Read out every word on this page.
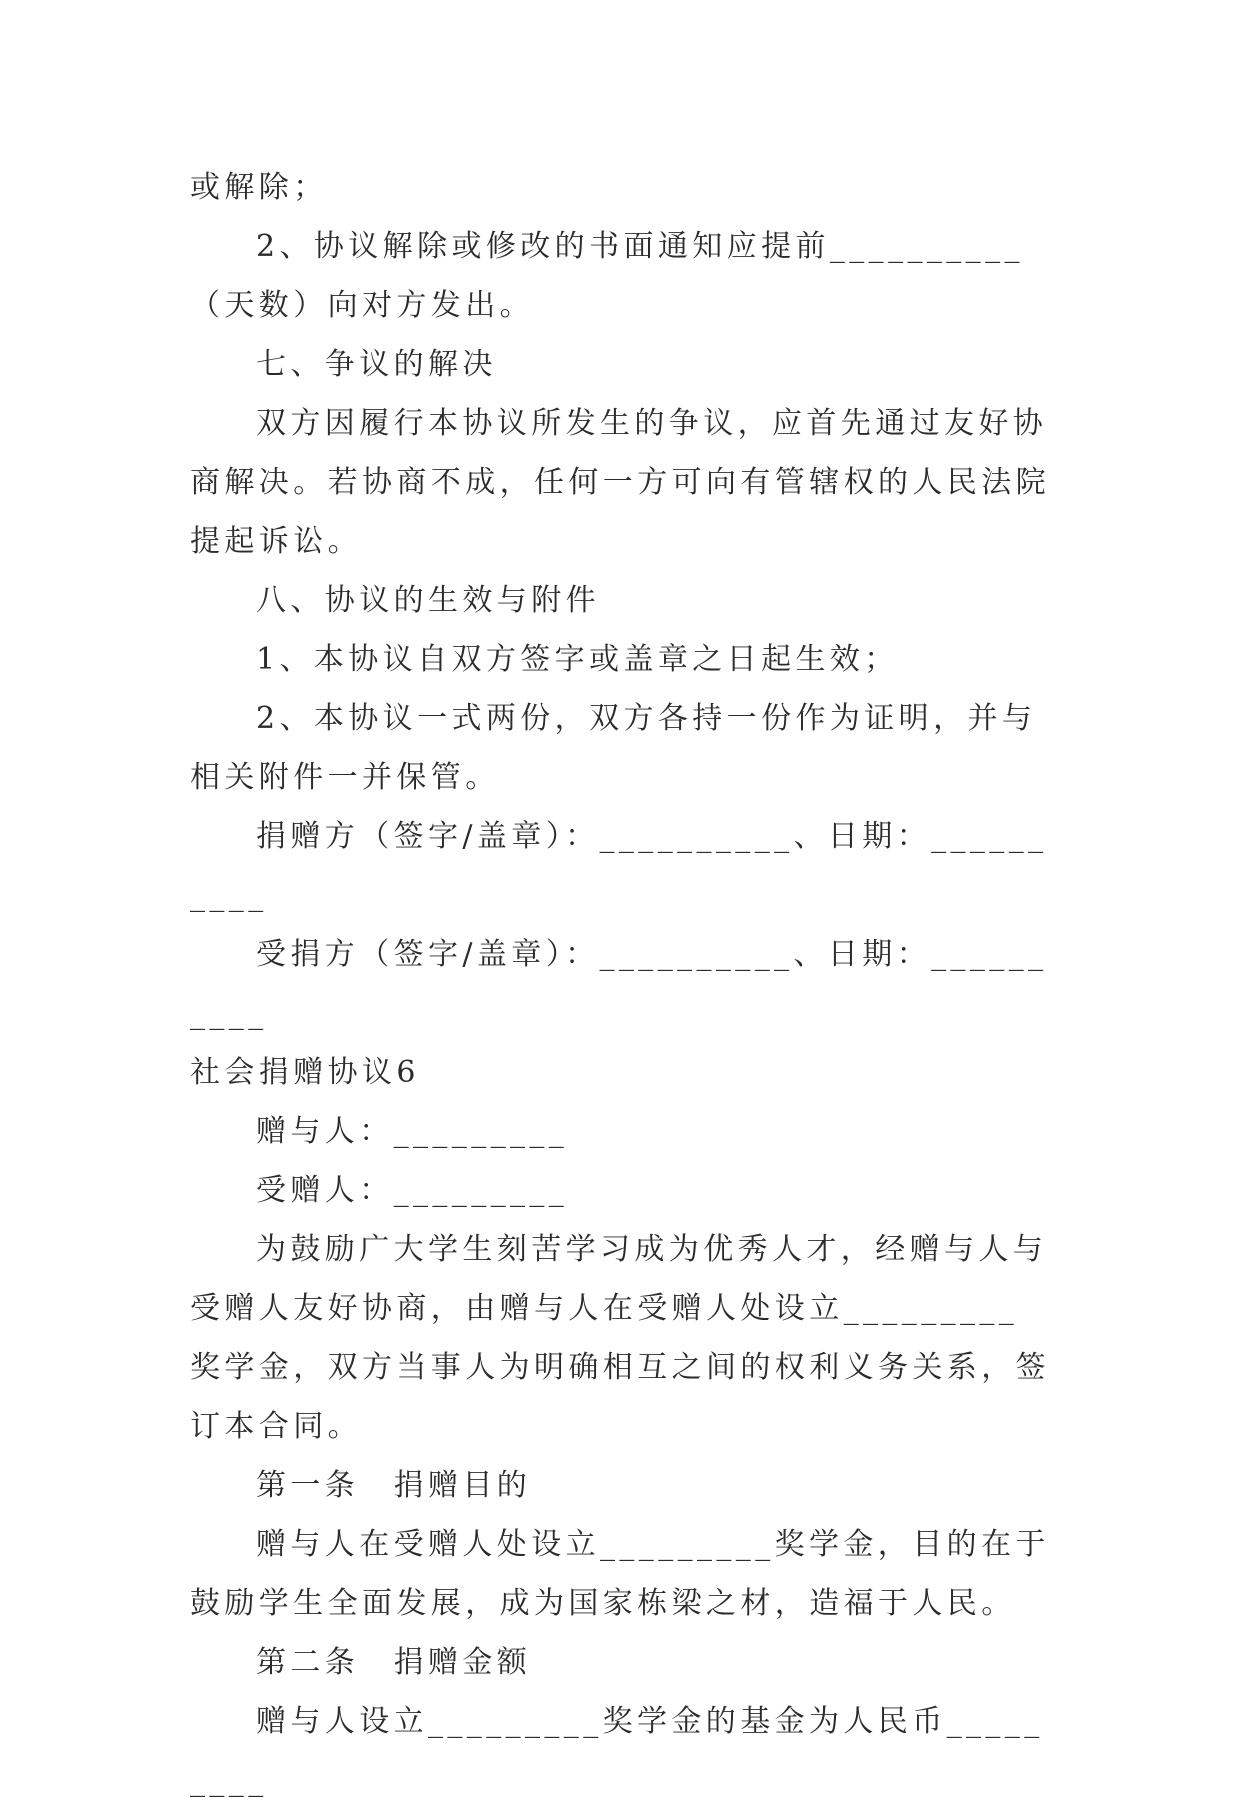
或解除；

2、协议解除或修改的书面通知应提前__________（天数）向对方发出。

七、争议的解决

双方因履行本协议所发生的争议，应首先通过友好协商解决。若协商不成，任何一方可向有管辖权的人民法院提起诉讼。

八、协议的生效与附件

1、本协议自双方签字或盖章之日起生效；

2、本协议一式两份，双方各持一份作为证明，并与相关附件一并保管。

捐赠方（签字/盖章）：__________、日期：__________

受捐方（签字/盖章）：__________、日期：__________

社会捐赠协议6

赠与人：_________

受赠人：_________

为鼓励广大学生刻苦学习成为优秀人才，经赠与人与受赠人友好协商，由赠与人在受赠人处设立_________奖学金，双方当事人为明确相互之间的权利义务关系，签订本合同。

第一条　捐赠目的

赠与人在受赠人处设立_________奖学金，目的在于鼓励学生全面发展，成为国家栋梁之材，造福于人民。

第二条　捐赠金额

赠与人设立_________奖学金的基金为人民币_________
